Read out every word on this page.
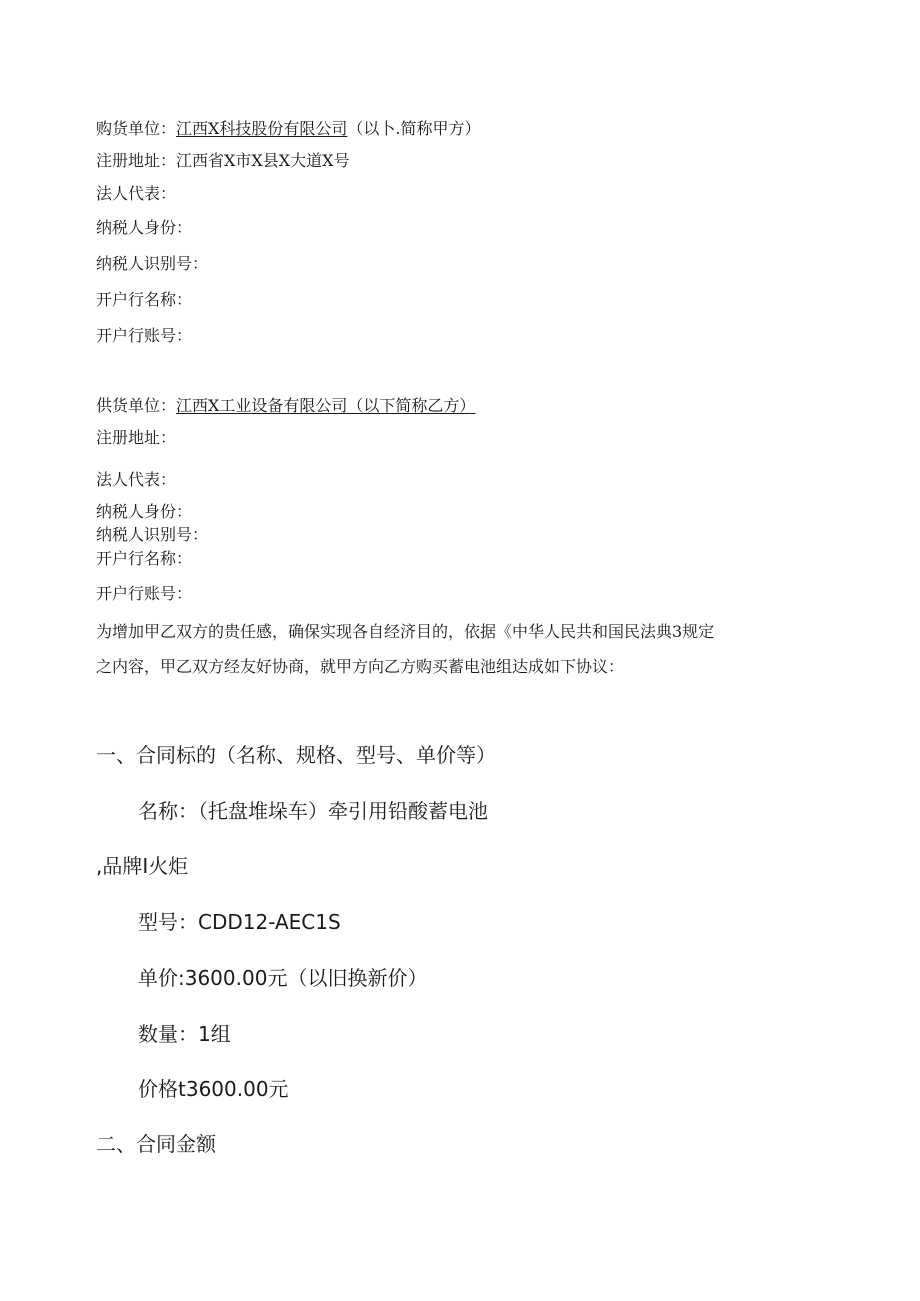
购货单位：江西X科技股份有限公司（以卜.简称甲方）
注册地址：江西省X市X县X大道X号
法人代表：
纳税人身份：
纳税人识别号：
开户行名称：
开户行账号：
供货单位：江西X工业设备有限公司（以下简称乙方）
注册地址：
法人代表：
纳税人身份：
纳税人识别号：
开户行名称：
开户行账号：
为增加甲乙双方的贵任感，确保实现各自经济目的，依据《中华人民共和国民法典3规定
之内容，甲乙双方经友好协商，就甲方向乙方购买蓄电池组达成如下协议：
一、合同标的（名称、规格、型号、单价等）
名称：（托盘堆垛车）牵引用铅酸蓄电池
,品牌I火炬
型号：CDD12-AEC1S
单价:3600.00元（以旧换新价）
数量：1组
价格t3600.00元
二、合同金额
